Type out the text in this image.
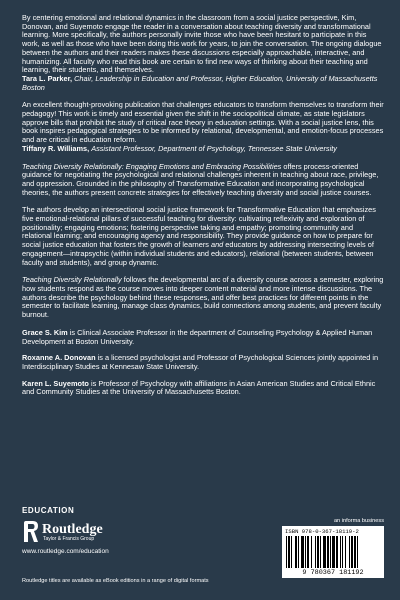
By centering emotional and relational dynamics in the classroom from a social justice perspective, Kim, Donovan, and Suyemoto engage the reader in a conversation about teaching diversity and transformational learning. More specifically, the authors personally invite those who have been hesitant to participate in this work, as well as those who have been doing this work for years, to join the conversation. The ongoing dialogue between the authors and their readers makes these discussions especially approachable, interactive, and humanizing. All faculty who read this book are certain to find new ways of thinking about their teaching and learning, their students, and themselves.

Tara L. Parker, Chair, Leadership in Education and Professor, Higher Education, University of Massachusetts Boston

An excellent thought-provoking publication that challenges educators to transform themselves to transform their pedagogy! This work is timely and essential given the shift in the sociopolitical climate, as state legislators approve bills that prohibit the study of critical race theory in education settings. With a social justice lens, this book inspires pedagogical strategies to be informed by relational, developmental, and emotion-focus processes and are critical in education reform.

Tiffany R. Williams, Assistant Professor, Department of Psychology, Tennessee State University

Teaching Diversity Relationally: Engaging Emotions and Embracing Possibilities offers process-oriented guidance for negotiating the psychological and relational challenges inherent in teaching about race, privilege, and oppression. Grounded in the philosophy of Transformative Education and incorporating psychological theories, the authors present concrete strategies for effectively teaching diversity and social justice courses.

The authors develop an intersectional social justice framework for Transformative Education that emphasizes five emotional-relational pillars of successful teaching for diversity: cultivating reflexivity and exploration of positionality; engaging emotions; fostering perspective taking and empathy; promoting community and relational learning; and encouraging agency and responsibility. They provide guidance on how to prepare for social justice education that fosters the growth of learners and educators by addressing intersecting levels of engagement—intrapsychic (within individual students and educators), relational (between students, between faculty and students), and group dynamic.

Teaching Diversity Relationally follows the developmental arc of a diversity course across a semester, exploring how students respond as the course moves into deeper content material and more intense discussions. The authors describe the psychology behind these responses, and offer best practices for different points in the semester to facilitate learning, manage class dynamics, build connections among students, and prevent faculty burnout.

Grace S. Kim is Clinical Associate Professor in the department of Counseling Psychology & Applied Human Development at Boston University.

Roxanne A. Donovan is a licensed psychologist and Professor of Psychological Sciences jointly appointed in Interdisciplinary Studies at Kennesaw State University.

Karen L. Suyemoto is Professor of Psychology with affiliations in Asian American Studies and Critical Ethnic and Community Studies at the University of Massachusetts Boston.

EDUCATION
Routledge
Taylor & Francis Group
www.routledge.com/education
Routledge titles are available as eBook editions in a range of digital formats
an informa business
ISBN 978-0-367-18119-2
9 780367 181192
